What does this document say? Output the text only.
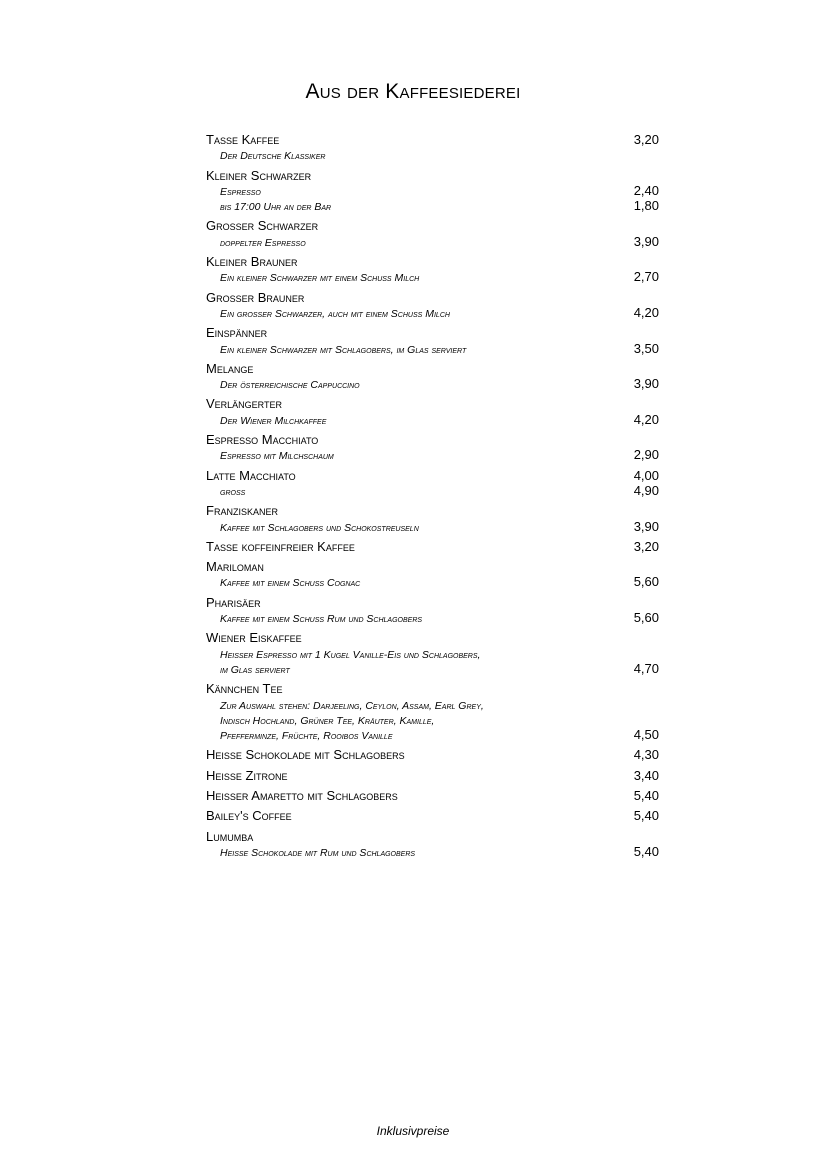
Aus der Kaffeesiederei
Tasse Kaffee	3,20
Der Deutsche Klassiker
Kleiner Schwarzer
Espresso	2,40
bis 17:00 Uhr an der Bar	1,80
Grosser Schwarzer
doppelter Espresso	3,90
Kleiner Brauner
Ein kleiner Schwarzer mit einem Schuss Milch	2,70
Grosser Brauner
Ein großer Schwarzer, auch mit einem Schuss Milch	4,20
Einspänner
Ein kleiner Schwarzer mit Schlagobers, im Glas serviert	3,50
Melange
Der österreichische Cappuccino	3,90
Verlängerter
Der Wiener Milchkaffee	4,20
Espresso Macchiato
Espresso mit Milchschaum	2,90
Latte Macchiato	4,00
gross	4,90
Franziskaner
Kaffee mit Schlagobers und Schokostreuseln	3,90
Tasse koffeinfreier Kaffee	3,20
Mariloman
Kaffee mit einem Schuß Cognac	5,60
Pharisäer
Kaffee mit einem Schuß Rum und Schlagobers	5,60
Wiener Eiskaffee
Heißer Espresso mit 1 Kugel Vanille-Eis und Schlagobers,
im Glas serviert	4,70
Kännchen Tee
Zur Auswahl stehen: Darjeeling, Ceylon, Assam, Earl Grey,
Indisch Hochland, Grüner Tee, Kräuter, Kamille,
Pfefferminze, Früchte, Rooibos Vanille	4,50
Heisse Schokolade mit Schlagobers	4,30
Heisse Zitrone	3,40
Heisser Amaretto mit Schlagobers	5,40
Bailey's Coffee	5,40
Lumumba
Heiße Schokolade mit Rum und Schlagobers	5,40
Inklusivpreise
